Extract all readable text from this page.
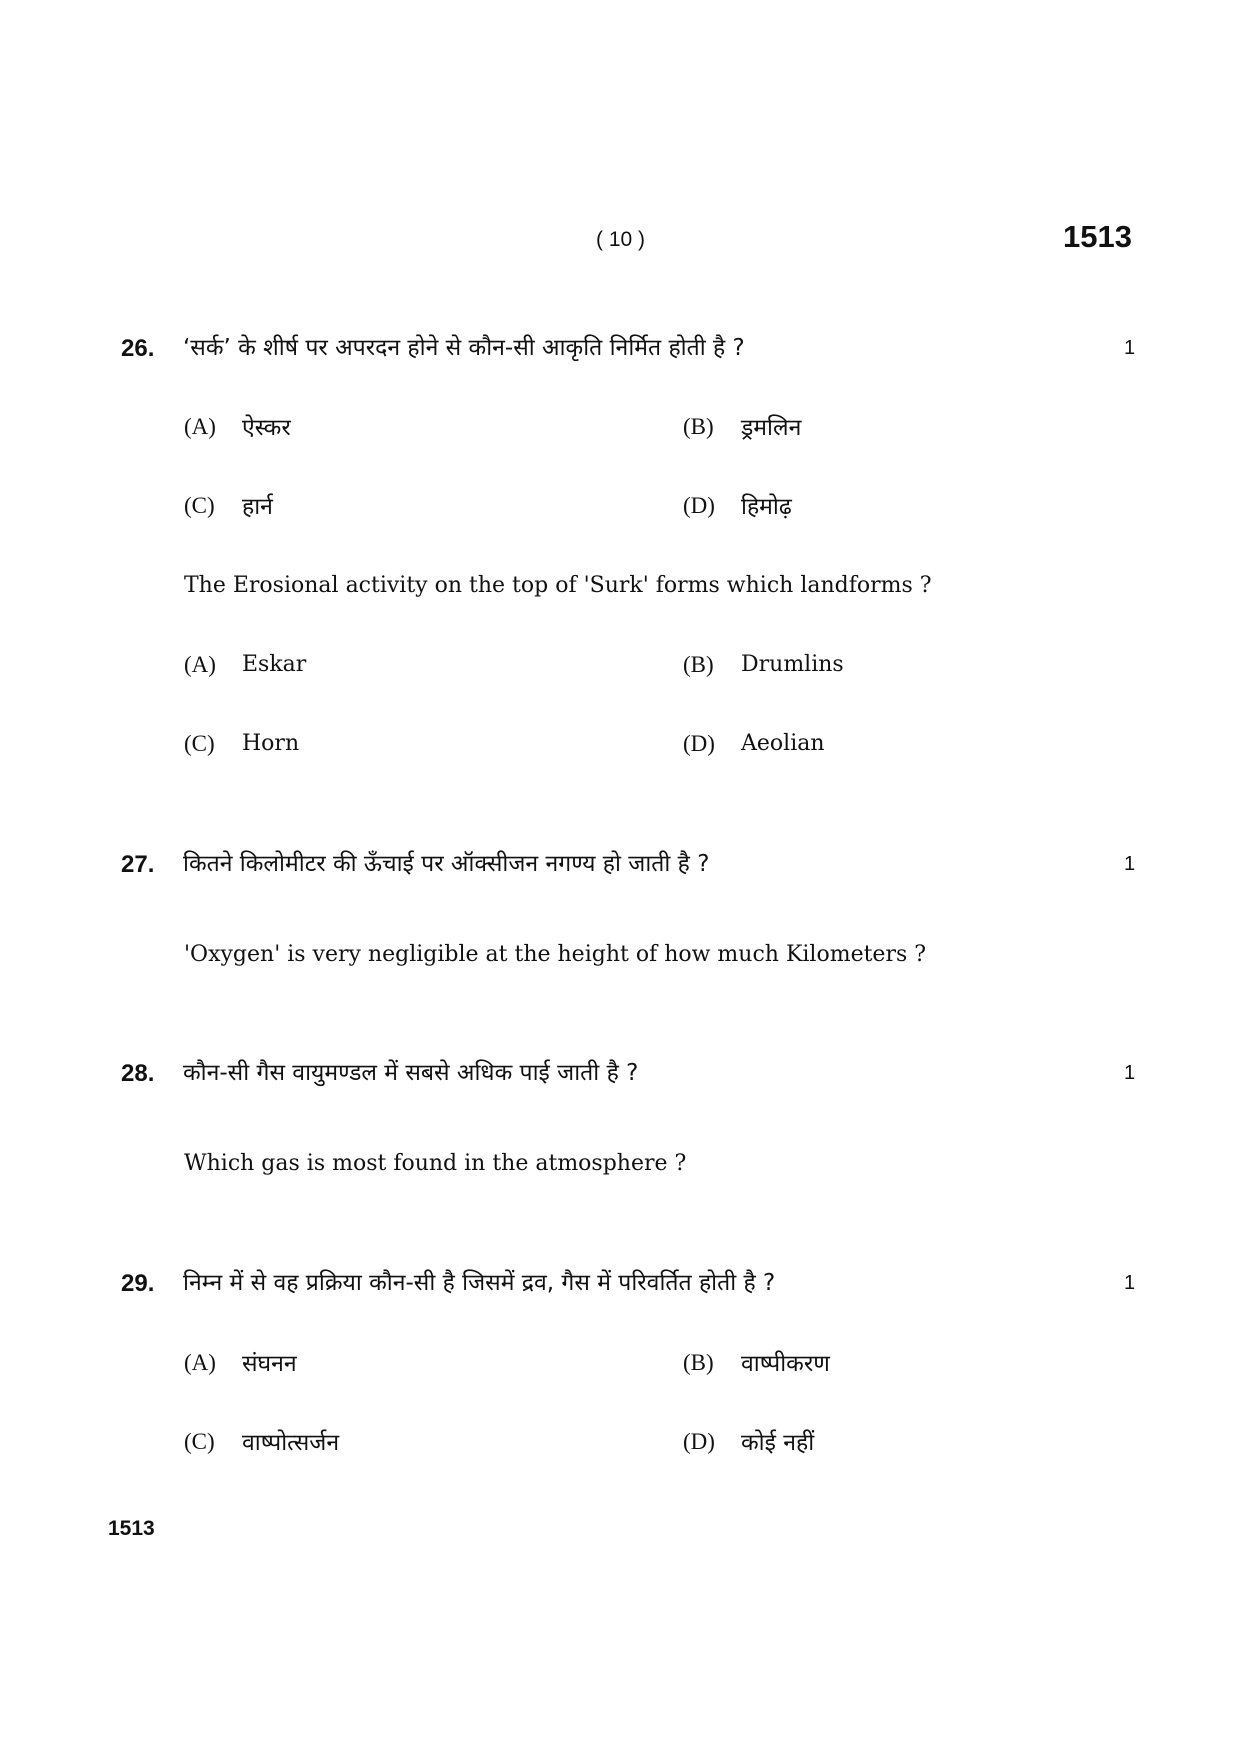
( 10 )	1513
26. ‘सर्क’ के शीर्ष पर अपरदन होने से कौन-सी आकृति निर्मित होती है ?	1
(A) ऐस्कर	(B) ड्रमलिन
(C) हार्न	(D) हिमोढ़
The Erosional activity on the top of 'Surk' forms which landforms ?
(A) Eskar	(B) Drumlins
(C) Horn	(D) Aeolian
27. कितने किलोमीटर की ऊँचाई पर ऑक्सीजन नगण्य हो जाती है ?	1
'Oxygen' is very negligible at the height of how much Kilometers ?
28. कौन-सी गैस वायुमण्डल में सबसे अधिक पाई जाती है ?	1
Which gas is most found in the atmosphere ?
29. निम्न में से वह प्रक्रिया कौन-सी है जिसमें द्रव, गैस में परिवर्तित होती है ?	1
(A) संघनन	(B) वाष्पीकरण
(C) वाष्पोत्सर्जन	(D) कोई नहीं
1513
